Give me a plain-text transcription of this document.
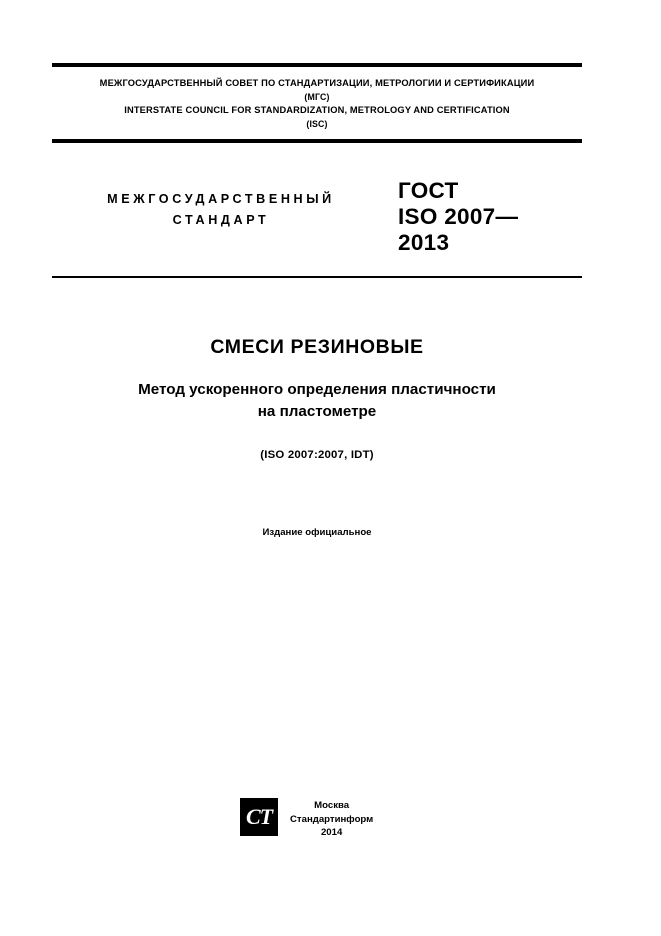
МЕЖГОСУДАРСТВЕННЫЙ СОВЕТ ПО СТАНДАРТИЗАЦИИ, МЕТРОЛОГИИ И СЕРТИФИКАЦИИ
(МГС)
INTERSTATE COUNCIL FOR STANDARDIZATION, METROLOGY AND CERTIFICATION
(ISC)
МЕЖГОСУДАРСТВЕННЫЙ
СТАНДАРТ
ГОСТ
ISO 2007—
2013
СМЕСИ РЕЗИНОВЫЕ
Метод ускоренного определения пластичности
на пластометре
(ISO 2007:2007, IDT)
Издание официальное
СТ	Москва
Стандартинформ
2014
